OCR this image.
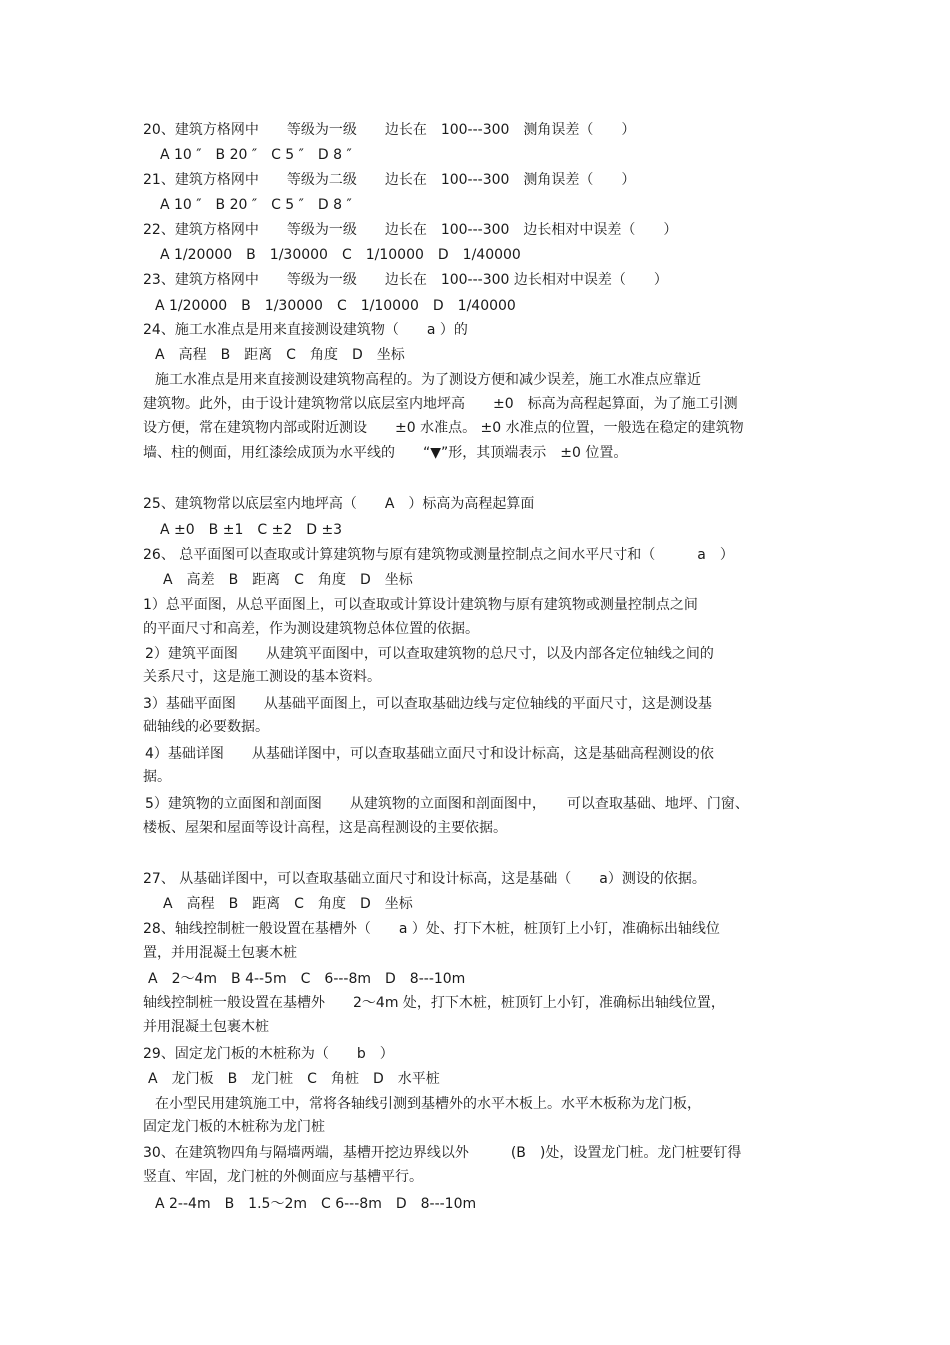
20、建筑方格网中　　等级为一级　　边长在　100---300　测角误差（　　）

A 10 ″　B 20 ″　C 5 ″　D 8 ″

21、建筑方格网中　　等级为二级　　边长在　100---300　测角误差（　　）

A 10 ″　B 20 ″　C 5 ″　D 8 ″

22、建筑方格网中　　等级为一级　　边长在　100---300　边长相对中误差（　　）

A 1/20000　B　1/30000　C　1/10000　D　1/40000

23、建筑方格网中　　等级为一级　　边长在　100---300 边长相对中误差（　　）

A 1/20000　B　1/30000　C　1/10000　D　1/40000

24、施工水准点是用来直接测设建筑物（　　a ）的

A　高程　B　距离　C　角度　D　坐标

施工水准点是用来直接测设建筑物高程的。为了测设方便和减少误差，施工水准点应靠近

建筑物。此外，由于设计建筑物常以底层室内地坪高　　±0　标高为高程起算面，为了施工引测

设方便，常在建筑物内部或附近测设　　±0 水准点。 ±0 水准点的位置，一般选在稳定的建筑物

墙、柱的侧面，用红漆绘成顶为水平线的　　“▼”形，其顶端表示　±0 位置。

25、建筑物常以底层室内地坪高（　　A　）标高为高程起算面

A ±0　B ±1　C ±2　D ±3

26、 总平面图可以查取或计算建筑物与原有建筑物或测量控制点之间水平尺寸和（　　　a　）

A　高差　B　距离　C　角度　D　坐标

1）总平面图，从总平面图上，可以查取或计算设计建筑物与原有建筑物或测量控制点之间

的平面尺寸和高差，作为测设建筑物总体位置的依据。

2）建筑平面图　　从建筑平面图中，可以查取建筑物的总尺寸，以及内部各定位轴线之间的

关系尺寸，这是施工测设的基本资料。

3）基础平面图　　从基础平面图上，可以查取基础边线与定位轴线的平面尺寸，这是测设基

础轴线的必要数据。

4）基础详图　　从基础详图中，可以查取基础立面尺寸和设计标高，这是基础高程测设的依

据。

5）建筑物的立面图和剖面图　　从建筑物的立面图和剖面图中，　　可以查取基础、地坪、门窗、

楼板、屋架和屋面等设计高程，这是高程测设的主要依据。

27、 从基础详图中，可以查取基础立面尺寸和设计标高，这是基础（　　a）测设的依据。

A　高程　B　距离　C　角度　D　坐标

28、轴线控制桩一般设置在基槽外（　　a ）处、打下木桩，桩顶钉上小钉，准确标出轴线位

置，并用混凝土包裹木桩

A　2～4m　B 4--5m　C　6---8m　D　8---10m

轴线控制桩一般设置在基槽外　　2～4m 处，打下木桩，桩顶钉上小钉，准确标出轴线位置，

并用混凝土包裹木桩

29、固定龙门板的木桩称为（　　b　）

A　龙门板　B　龙门桩　C　角桩　D　水平桩

在小型民用建筑施工中，常将各轴线引测到基槽外的水平木板上。水平木板称为龙门板，

固定龙门板的木桩称为龙门桩

30、在建筑物四角与隔墙两端，基槽开挖边界线以外　　　(B　)处，设置龙门桩。龙门桩要钉得

竖直、牢固，龙门桩的外侧面应与基槽平行。

A 2--4m　B　1.5～2m　C 6---8m　D　8---10m
